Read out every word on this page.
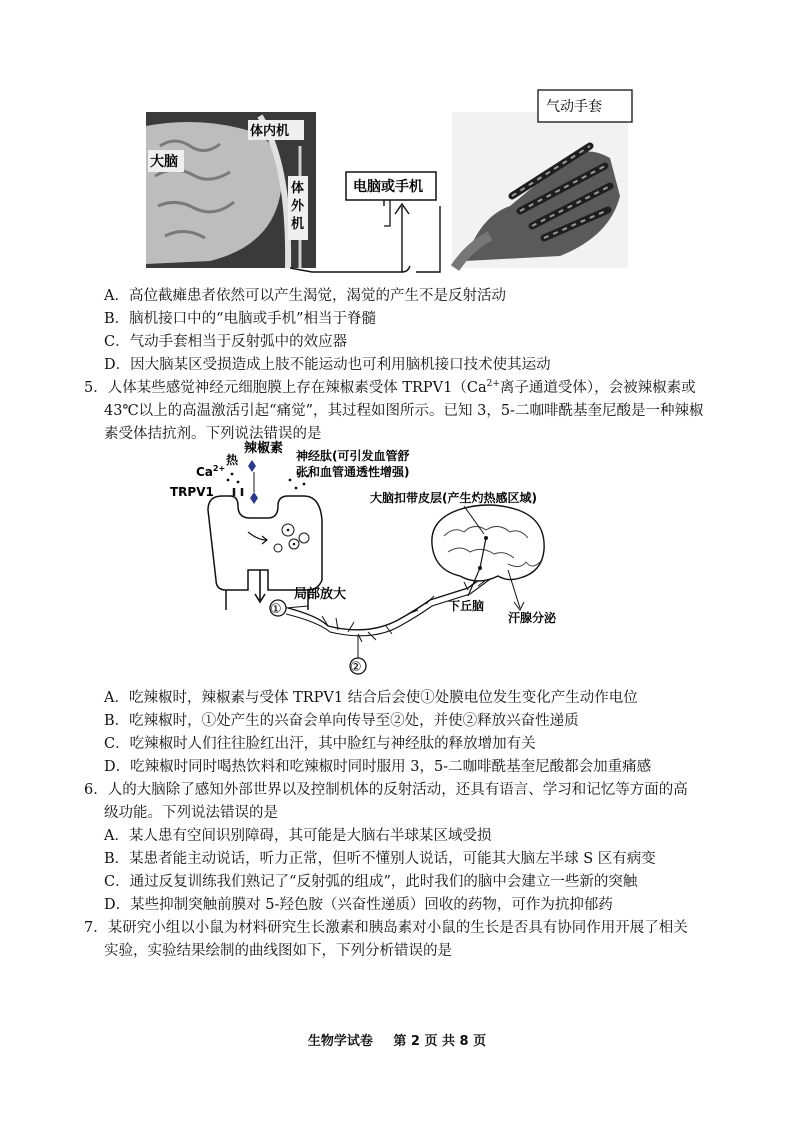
大脑
体内机
体
外
机
电脑或手机
气动手套
A．高位截瘫患者依然可以产生渴觉，渴觉的产生不是反射活动
B．脑机接口中的“电脑或手机”相当于脊髓
C．气动手套相当于反射弧中的效应器
D．因大脑某区受损造成上肢不能运动也可利用脑机接口技术使其运动
5．人体某些感觉神经元细胞膜上存在辣椒素受体 $TRPV1(Ca^{2+}$离子通道受体），会被辣椒素或
43℃以上的高温激活引起“痛觉”，其过程如图所示。已知 3，5-二咖啡酰基奎尼酸是一种辣椒
素受体拮抗剂。下列说法错误的是
辣椒素
热
$Ca^{2+}$
TRPV1
神经肽(可引发血管舒
张和血管通透性增强)
①
局部放大
②
大脑扣带皮层(产生灼热感区域)
下丘脑
汗腺分泌
A．吃辣椒时，辣椒素与受体 TRPV1 结合后会使①处膜电位发生变化产生动作电位
B．吃辣椒时，①处产生的兴奋会单向传导至②处，并使②释放兴奋性递质
C．吃辣椒时人们往往脸红出汗，其中脸红与神经肽的释放增加有关
D．吃辣椒时同时喝热饮料和吃辣椒时同时服用 3，5-二咖啡酰基奎尼酸都会加重痛感
6．人的大脑除了感知外部世界以及控制机体的反射活动，还具有语言、学习和记忆等方面的高
级功能。下列说法错误的是
A．某人患有空间识别障碍，其可能是大脑右半球某区域受损
B．某患者能主动说话，听力正常，但听不懂别人说话，可能其大脑左半球 S 区有病变
C．通过反复训练我们熟记了“反射弧的组成”，此时我们的脑中会建立一些新的突触
D．某些抑制突触前膜对 5-羟色胺（兴奋性递质）回收的药物，可作为抗抑郁药
7．某研究小组以小鼠为材料研究生长激素和胰岛素对小鼠的生长是否具有协同作用开展了相关
实验，实验结果绘制的曲线图如下，下列分析错误的是
生物学试卷 第 2 页 共 8 页
